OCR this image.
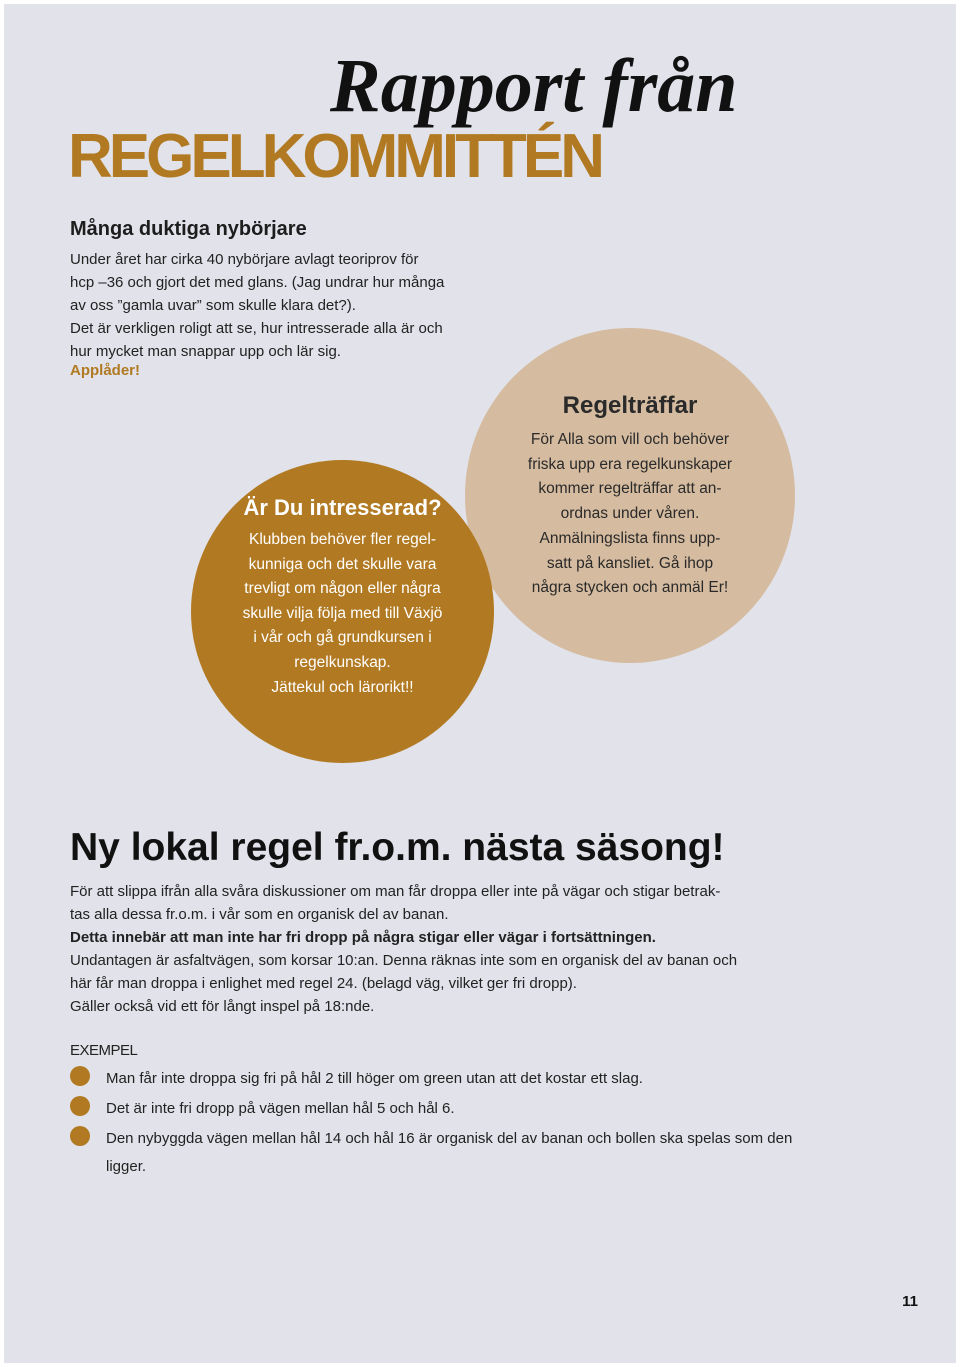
Rapport från
REGELKOMMITTÉN
Många duktiga nybörjare

Under året har cirka 40 nybörjare avlagt teoriprov för

hcp –36 och gjort det med glans. (Jag undrar hur många

av oss ”gamla uvar” som skulle klara det?).

Det är verkligen roligt att se, hur intresserade alla är och

hur mycket man snappar upp och lär sig.

Applåder!
Regelträffar

För Alla som vill och behöver

friska upp era regelkunskaper

kommer regelträffar att an-

ordnas under våren.

Anmälningslista finns upp-

satt på kansliet. Gå ihop

några stycken och anmäl Er!

Är Du intresserad?

Klubben behöver fler regel-

kunniga och det skulle vara

trevligt om någon eller några

skulle vilja följa med till Växjö

i vår och gå grundkursen i

regelkunskap.

Jättekul och lärorikt!!

Ny lokal regel fr.o.m. nästa säsong!

För att slippa ifrån alla svåra diskussioner om man får droppa eller inte på vägar och stigar betrak-

tas alla dessa fr.o.m. i vår som en organisk del av banan.

Detta innebär att man inte har fri dropp på några stigar eller vägar i fortsättningen.

Undantagen är asfaltvägen, som korsar 10:an. Denna räknas inte som en organisk del av banan och

här får man droppa i enlighet med regel 24. (belagd väg, vilket ger fri dropp).

Gäller också vid ett för långt inspel på 18:nde.

EXEMPEL
Man får inte droppa sig fri på hål 2 till höger om green utan att det kostar ett slag.
Det är inte fri dropp på vägen mellan hål 5 och hål 6.
Den nybyggda vägen mellan hål 14 och hål 16 är organisk del av banan och bollen ska spelas som den ligger.
11
